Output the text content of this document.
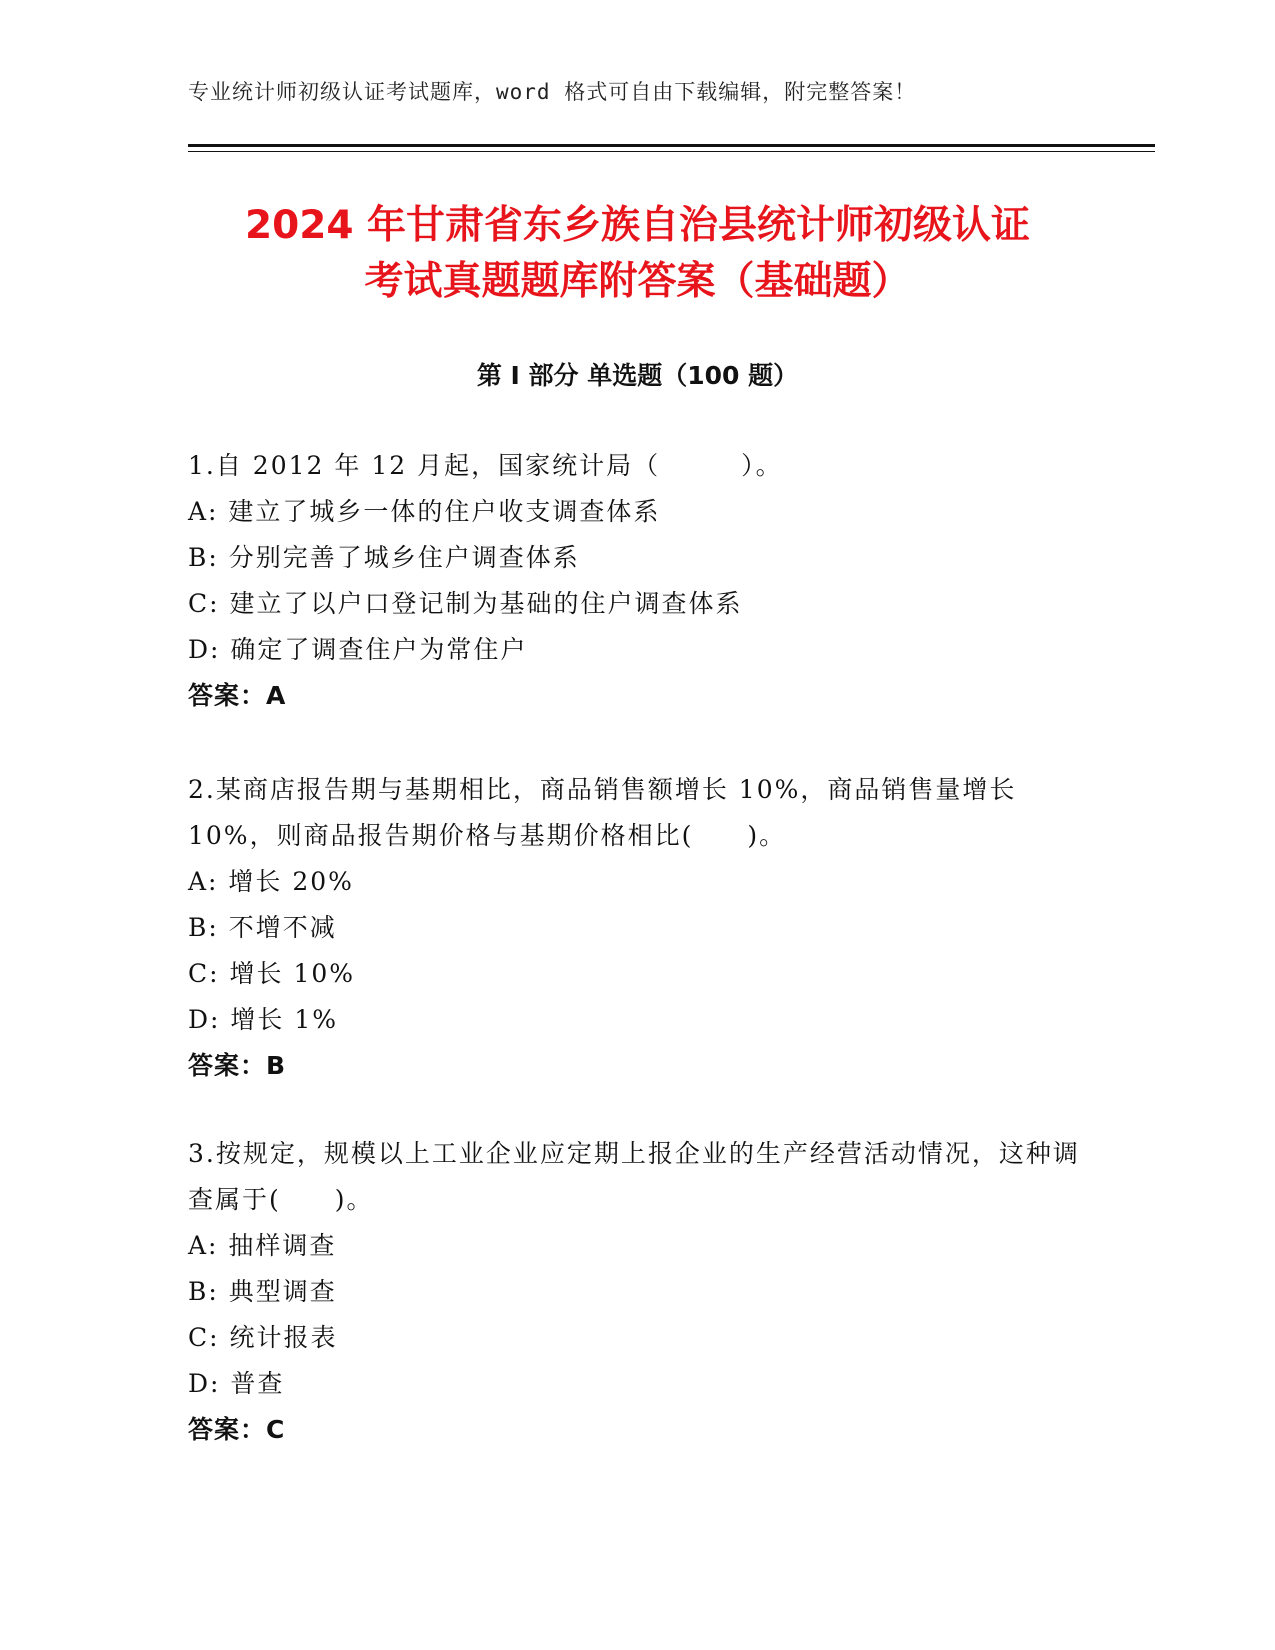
专业统计师初级认证考试题库，word 格式可自由下载编辑，附完整答案！
2024 年甘肃省东乡族自治县统计师初级认证
考试真题题库附答案（基础题）
第 I 部分 单选题（100 题）
1.自 2012 年 12 月起，国家统计局（　　　）。
A: 建立了城乡一体的住户收支调查体系
B: 分别完善了城乡住户调查体系
C: 建立了以户口登记制为基础的住户调查体系
D: 确定了调查住户为常住户
答案：A
2.某商店报告期与基期相比，商品销售额增长 10%，商品销售量增长 10%，则商品报告期价格与基期价格相比(　　)。
A: 增长 20%
B: 不增不减
C: 增长 10%
D: 增长 1%
答案：B
3.按规定，规模以上工业企业应定期上报企业的生产经营活动情况，这种调查属于(　　)。
A: 抽样调查
B: 典型调查
C: 统计报表
D: 普查
答案：C
